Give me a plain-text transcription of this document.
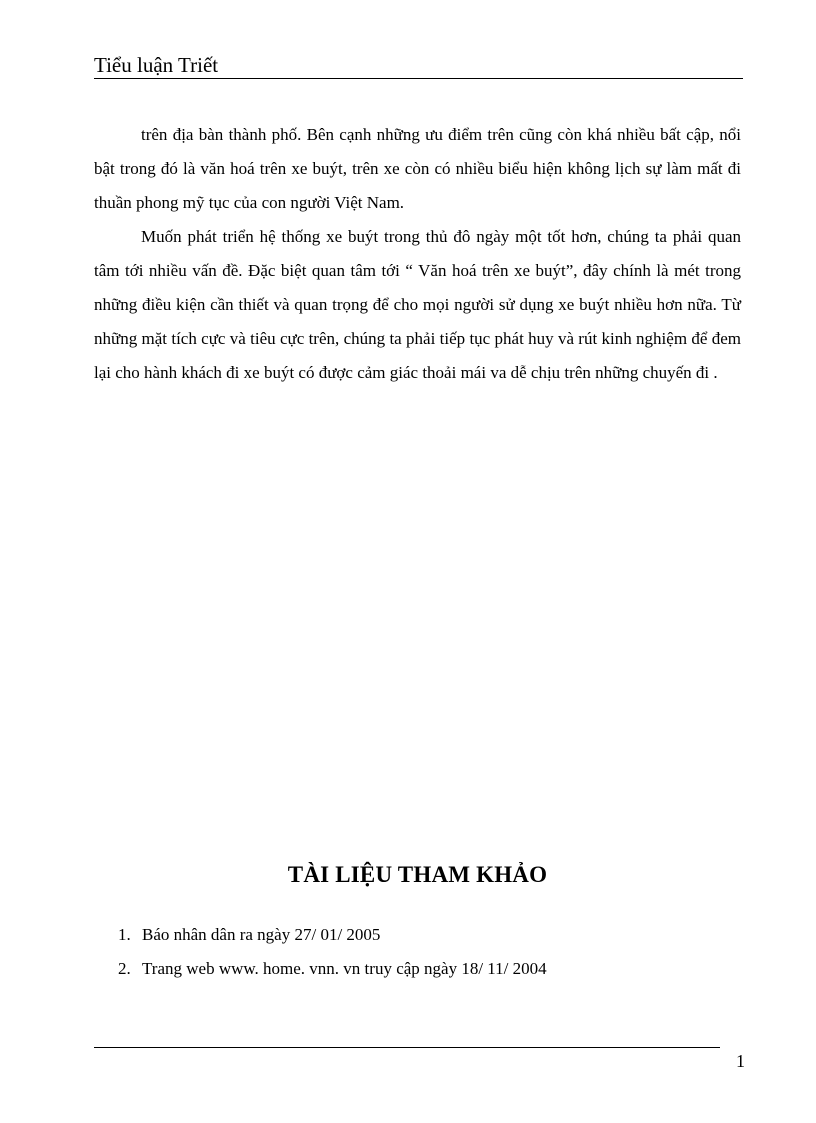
Tiểu luận Triết

trên địa bàn thành phố. Bên cạnh những ưu điểm trên cũng còn khá nhiều bất cập, nổi bật trong đó là văn hoá trên xe buýt, trên xe còn có nhiều biểu hiện không lịch sự làm mất đi thuần phong mỹ tục của con người Việt Nam.

Muốn phát triển hệ thống xe buýt trong thủ đô ngày một tốt hơn, chúng ta phải quan tâm tới nhiều vấn đề. Đặc biệt quan tâm tới “ Văn hoá trên xe buýt”, đây chính là mét trong những điều kiện cần thiết và quan trọng để cho mọi người sử dụng xe buýt nhiều hơn nữa. Từ những mặt tích cực và tiêu cực trên, chúng ta phải tiếp tục phát huy và rút kinh nghiệm để đem lại cho hành khách đi xe buýt có được cảm giác thoải mái va dễ chịu trên những chuyến đi .

TÀI LIỆU THAM KHẢO
1. Báo nhân dân ra ngày 27/ 01/ 2005
2. Trang web www. home. vnn. vn truy cập ngày 18/ 11/ 2004
1
